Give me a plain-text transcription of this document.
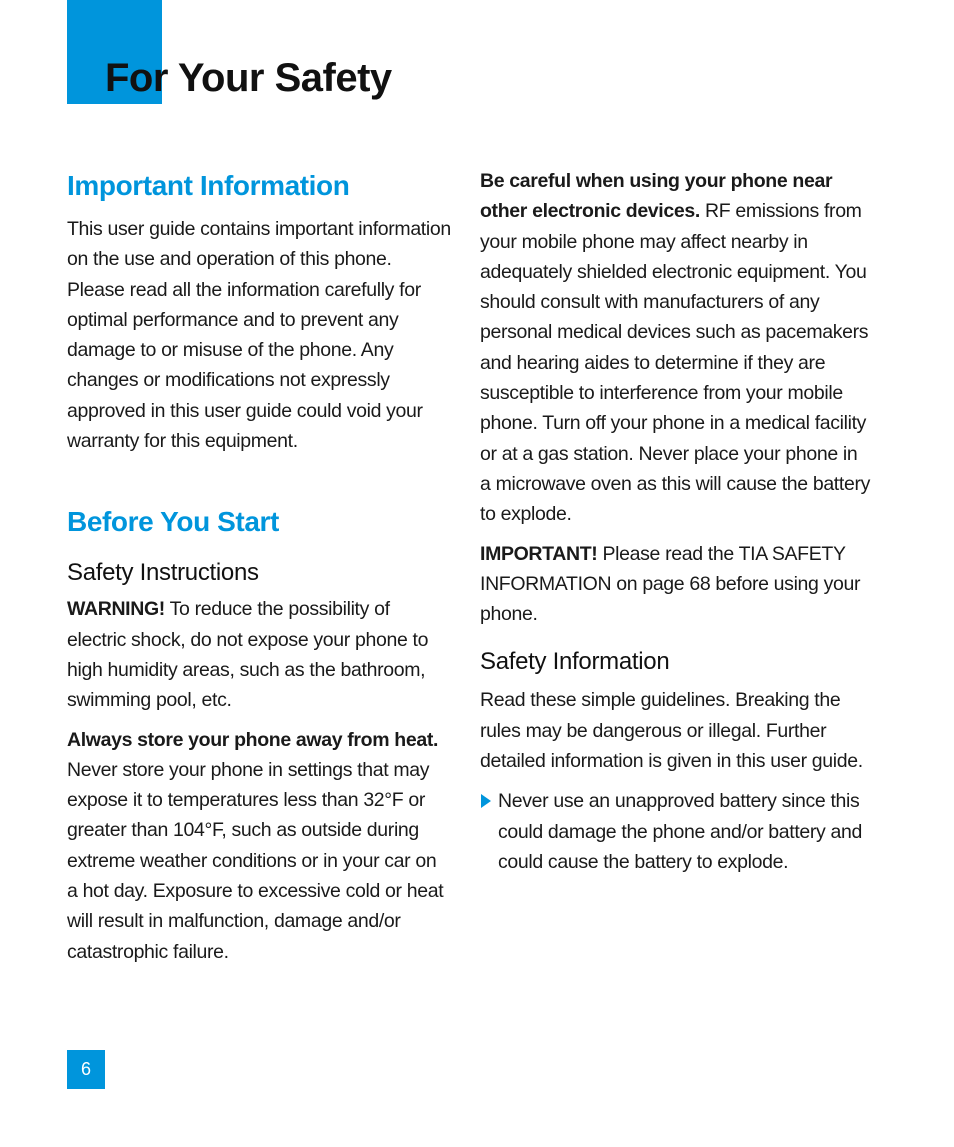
For Your Safety
Important Information

This user guide contains important information on the use and operation of this phone. Please read all the information carefully for optimal performance and to prevent any damage to or misuse of the phone. Any changes or modifications not expressly approved in this user guide could void your warranty for this equipment.

Before You Start
Safety Instructions

WARNING! To reduce the possibility of electric shock, do not expose your phone to high humidity areas, such as the bathroom, swimming pool, etc.

Always store your phone away from heat. Never store your phone in settings that may expose it to temperatures less than 32°F or greater than 104°F, such as outside during extreme weather conditions or in your car on a hot day. Exposure to excessive cold or heat will result in malfunction, damage and/or catastrophic failure.

Be careful when using your phone near other electronic devices. RF emissions from your mobile phone may affect nearby in adequately shielded electronic equipment. You should consult with manufacturers of any personal medical devices such as pacemakers and hearing aides to determine if they are susceptible to interference from your mobile phone. Turn off your phone in a medical facility or at a gas station. Never place your phone in a microwave oven as this will cause the battery to explode.

IMPORTANT! Please read the TIA SAFETY INFORMATION on page 68 before using your phone.

Safety Information

Read these simple guidelines. Breaking the rules may be dangerous or illegal. Further detailed information is given in this user guide.

Never use an unapproved battery since this could damage the phone and/or battery and could cause the battery to explode.
6
